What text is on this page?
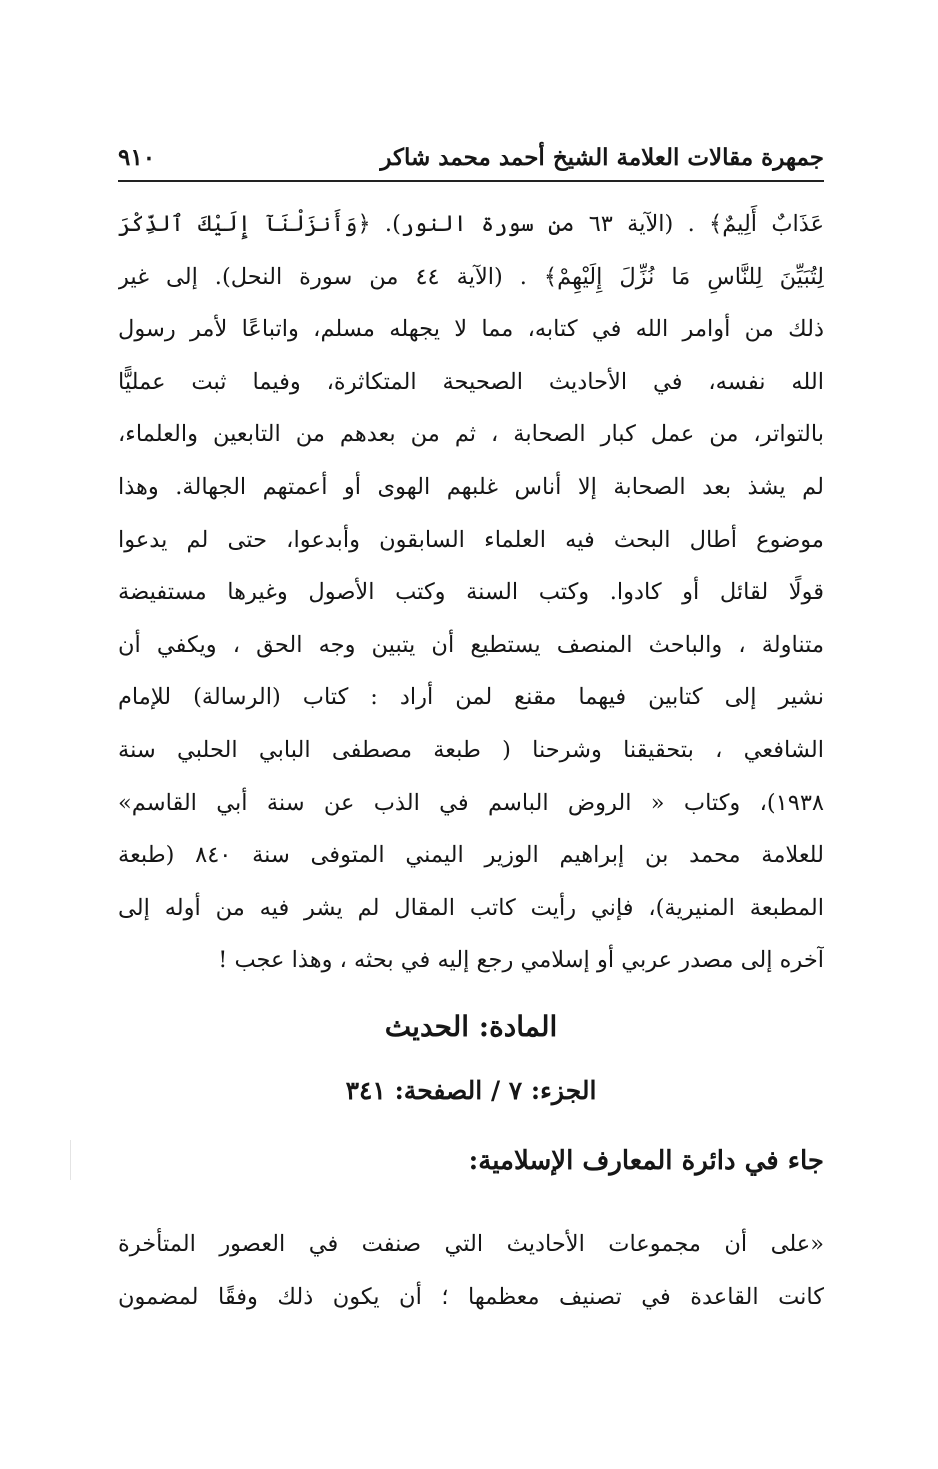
جمهرة مقالات العلامة الشيخ أحمد محمد شاكر
٩١٠
عَذَابٌ أَلِيمٌ﴾ . (الآية ٦٣ من سورة النور). ﴿وَأَنزَلْنَآ إِلَيْكَ ٱلذِّكْرَ
لِتُبَيِّنَ لِلنَّاسِ مَا نُزِّلَ إِلَيْهِمْ﴾ . (الآية ٤٤ من سورة النحل). إلى غير
ذلك من أوامر الله في كتابه، مما لا يجهله مسلم، واتباعًا لأمر رسول
الله نفسه، في الأحاديث الصحيحة المتكاثرة، وفيما ثبت عمليًّا
بالتواتر، من عمل كبار الصحابة ، ثم من بعدهم من التابعين والعلماء،
لم يشذ بعد الصحابة إلا أناس غلبهم الهوى أو أعمتهم الجهالة. وهذا
موضوع أطال البحث فيه العلماء السابقون وأبدعوا، حتى لم يدعوا
قولًا لقائل أو كادوا. وكتب السنة وكتب الأصول وغيرها مستفيضة
متناولة ، والباحث المنصف يستطيع أن يتبين وجه الحق ، ويكفي أن
نشير إلى كتابين فيهما مقنع لمن أراد : كتاب (الرسالة) للإمام
الشافعي ، بتحقيقنا وشرحنا ( طبعة مصطفى البابي الحلبي سنة
١٩٣٨)، وكتاب « الروض الباسم في الذب عن سنة أبي القاسم»
للعلامة محمد بن إبراهيم الوزير اليمني المتوفى سنة ٨٤٠ (طبعة
المطبعة المنيرية)، فإني رأيت كاتب المقال لم يشر فيه من أوله إلى
آخره إلى مصدر عربي أو إسلامي رجع إليه في بحثه ، وهذا عجب !
المادة: الحديث
الجزء: ٧ / الصفحة: ٣٤١
جاء في دائرة المعارف الإسلامية:
«على أن مجموعات الأحاديث التي صنفت في العصور المتأخرة
كانت القاعدة في تصنيف معظمها ؛ أن يكون ذلك وفقًا لمضمون
